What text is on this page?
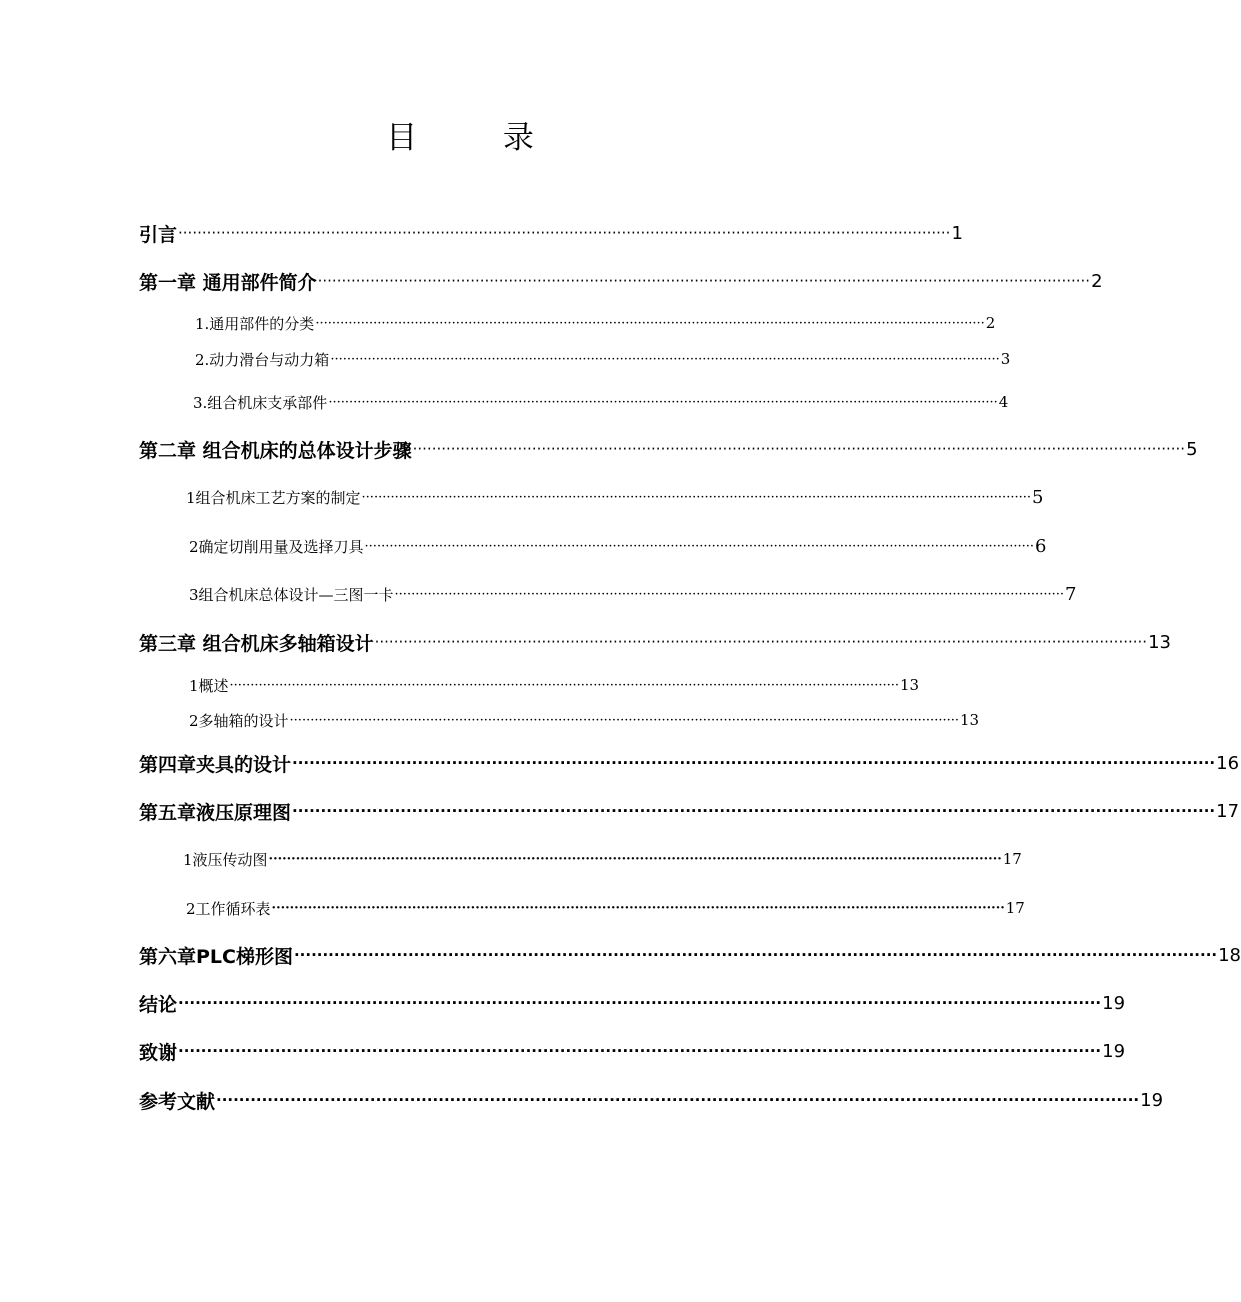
目 录
引言 ·································································································································································· 1
第一章 通用部件简介 ·································································································································································· 2
1.通用部件的分类 ·································································································································································· 2
2.动力滑台与动力箱 ·································································································································································· 3
3.组合机床支承部件 ·································································································································································· 4
第二章 组合机床的总体设计步骤 ·································································································································································· 5
1组合机床工艺方案的制定 ·································································································································································· 5
2确定切削用量及选择刀具 ·································································································································································· 6
3组合机床总体设计—三图一卡 ·································································································································································· 7
第三章 组合机床多轴箱设计 ·································································································································································· 13
1概述 ·································································································································································· 13
2多轴箱的设计 ·································································································································································· 13
第四章夹具的设计 ·································································································································································· 16
第五章液压原理图 ·································································································································································· 17
1液压传动图 ·································································································································································· 17
2工作循环表 ·································································································································································· 17
第六章PLC梯形图 ·································································································································································· 18
结论 ·································································································································································· 19
致谢 ·································································································································································· 19
参考文献 ·································································································································································· 19
